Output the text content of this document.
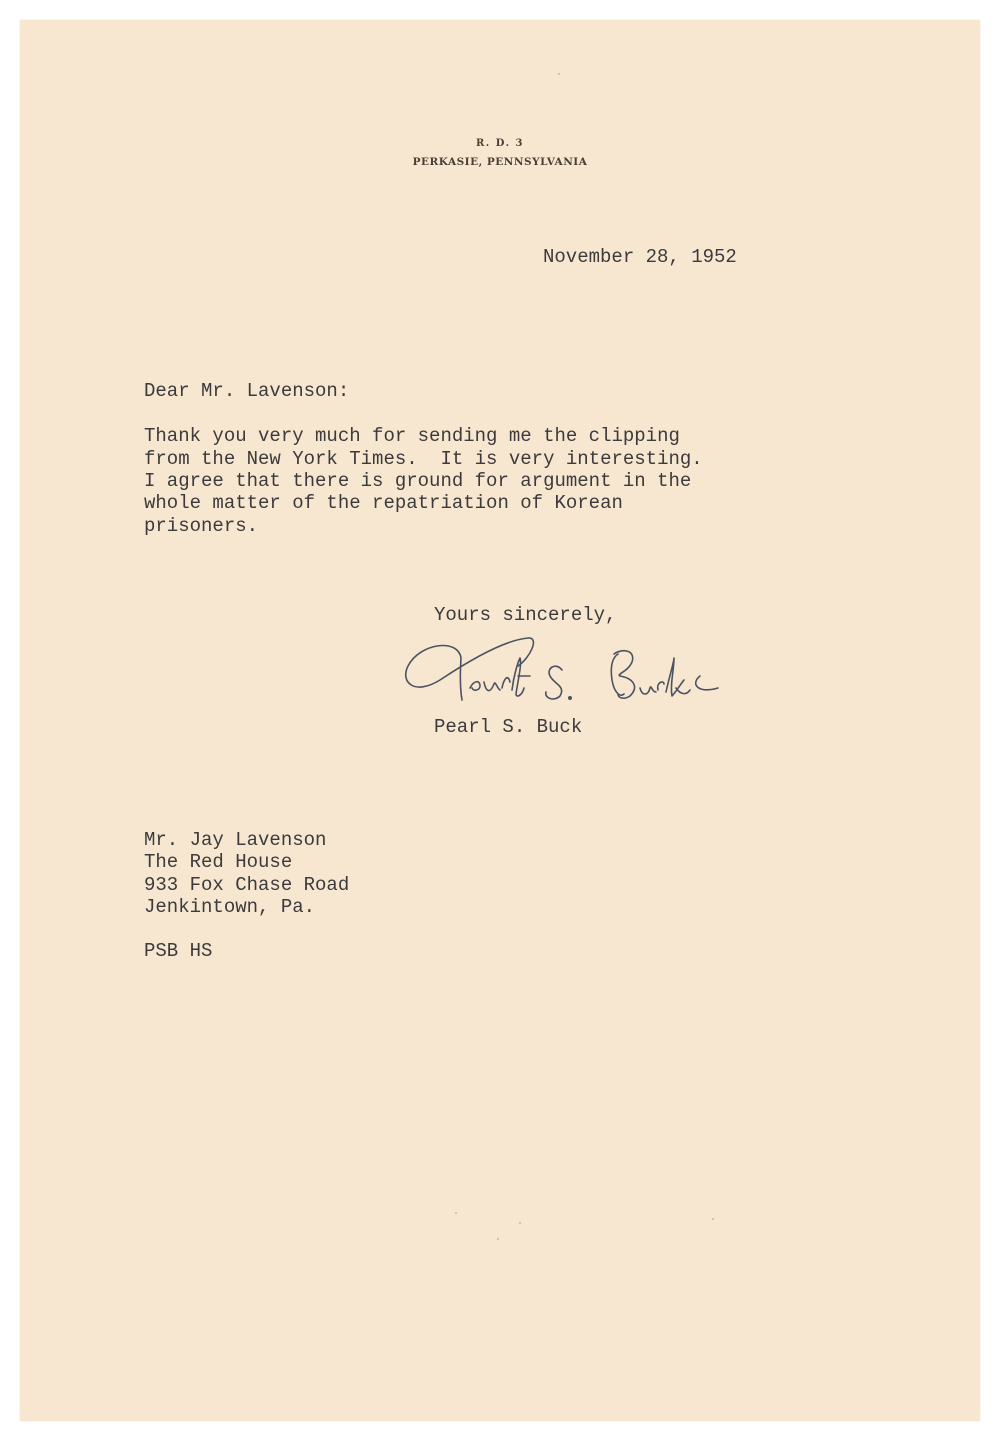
R. D. 3
PERKASIE, PENNSYLVANIA
November 28, 1952
Dear Mr. Lavenson:
Thank you very much for sending me the clipping
from the New York Times.  It is very interesting.
I agree that there is ground for argument in the
whole matter of the repatriation of Korean
prisoners.
Yours sincerely,
Pearl S. Buck
Mr. Jay Lavenson
The Red House
933 Fox Chase Road
Jenkintown, Pa.
PSB HS
